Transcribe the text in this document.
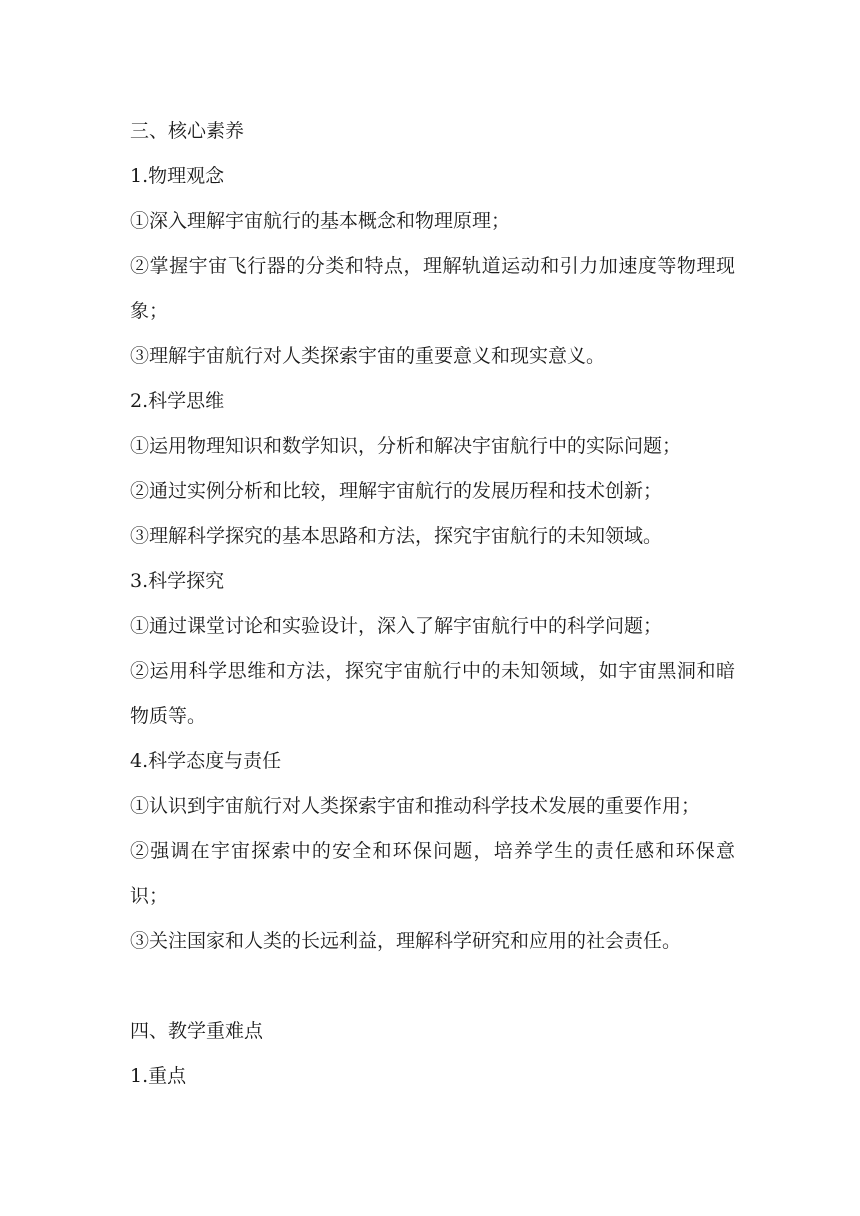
三、核心素养
1.物理观念
①深入理解宇宙航行的基本概念和物理原理；
②掌握宇宙飞行器的分类和特点，理解轨道运动和引力加速度等物理现象；
③理解宇宙航行对人类探索宇宙的重要意义和现实意义。
2.科学思维
①运用物理知识和数学知识，分析和解决宇宙航行中的实际问题；
②通过实例分析和比较，理解宇宙航行的发展历程和技术创新；
③理解科学探究的基本思路和方法，探究宇宙航行的未知领域。
3.科学探究
①通过课堂讨论和实验设计，深入了解宇宙航行中的科学问题；
②运用科学思维和方法，探究宇宙航行中的未知领域，如宇宙黑洞和暗物质等。
4.科学态度与责任
①认识到宇宙航行对人类探索宇宙和推动科学技术发展的重要作用；
②强调在宇宙探索中的安全和环保问题，培养学生的责任感和环保意识；
③关注国家和人类的长远利益，理解科学研究和应用的社会责任。
四、教学重难点
1.重点
